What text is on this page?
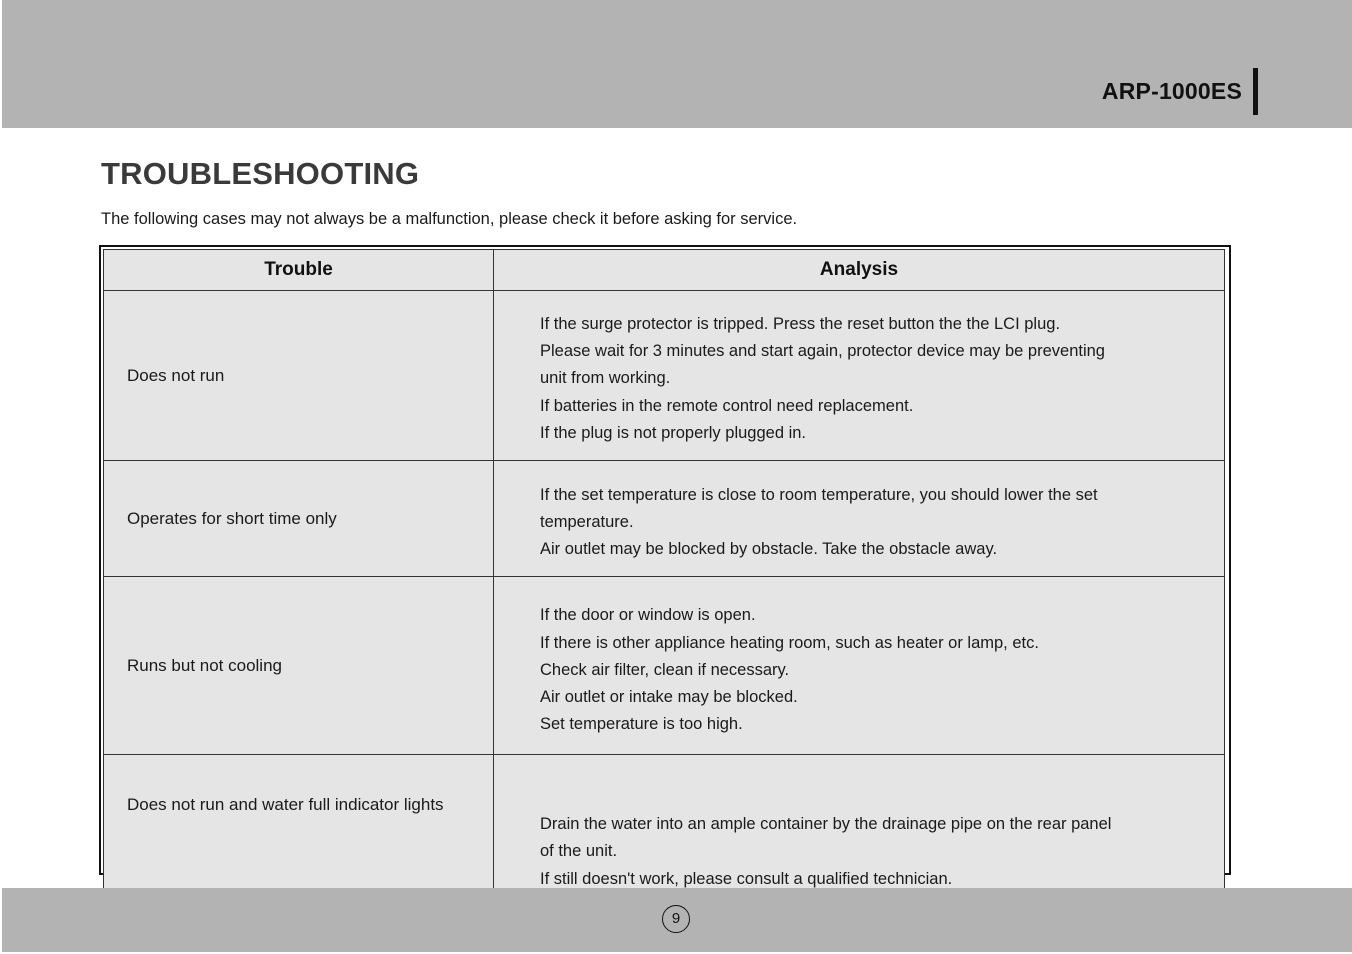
ARP-1000ES
TROUBLESHOOTING
The following cases may not always be a malfunction, please check it before asking for service.
Trouble	Analysis
Does not run	If the surge protector is tripped. Press the reset button the the LCI plug.
Please wait for 3 minutes and start again, protector device may be preventing
unit from working.
If batteries in the remote control need replacement.
If the plug is not properly plugged in.

Operates for short time only	If the set temperature is close to room temperature, you should lower the set
temperature.
Air outlet may be blocked by obstacle. Take the obstacle away.

Runs but not cooling	If the door or window is open.
If there is other appliance heating room, such as heater or lamp, etc.
Check air filter, clean if necessary.
Air outlet or intake may be blocked.
Set temperature is too high.

Does not run and water full indicator lights	Drain the water into an ample container by the drainage pipe on the rear panel
of the unit.
If still doesn't work, please consult a qualified technician.
9
